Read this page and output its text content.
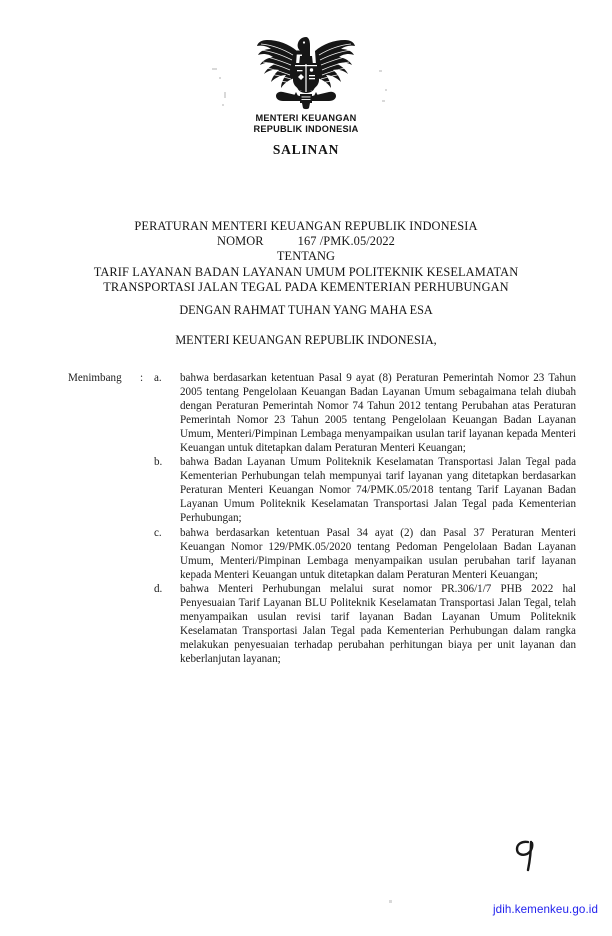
MENTERI KEUANGAN
REPUBLIK INDONESIA
SALINAN
PERATURAN MENTERI KEUANGAN REPUBLIK INDONESIA
NOMOR	167 /PMK.05/2022
TENTANG
TARIF LAYANAN BADAN LAYANAN UMUM POLITEKNIK KESELAMATAN
TRANSPORTASI JALAN TEGAL PADA KEMENTERIAN PERHUBUNGAN
DENGAN RAHMAT TUHAN YANG MAHA ESA
MENTERI KEUANGAN REPUBLIK INDONESIA,
Menimbang	: a.	bahwa berdasarkan ketentuan Pasal 9 ayat (8) Peraturan Pemerintah Nomor 23 Tahun 2005 tentang Pengelolaan Keuangan Badan Layanan Umum sebagaimana telah diubah dengan Peraturan Pemerintah Nomor 74 Tahun 2012 tentang Perubahan atas Peraturan Pemerintah Nomor 23 Tahun 2005 tentang Pengelolaan Keuangan Badan Layanan Umum, Menteri/Pimpinan Lembaga menyampaikan usulan tarif layanan kepada Menteri Keuangan untuk ditetapkan dalam Peraturan Menteri Keuangan;
b.	bahwa Badan Layanan Umum Politeknik Keselamatan Transportasi Jalan Tegal pada Kementerian Perhubungan telah mempunyai tarif layanan yang ditetapkan berdasarkan Peraturan Menteri Keuangan Nomor 74/PMK.05/2018 tentang Tarif Layanan Badan Layanan Umum Politeknik Keselamatan Transportasi Jalan Tegal pada Kementerian Perhubungan;
c.	bahwa berdasarkan ketentuan Pasal 34 ayat (2) dan Pasal 37 Peraturan Menteri Keuangan Nomor 129/PMK.05/2020 tentang Pedoman Pengelolaan Badan Layanan Umum, Menteri/Pimpinan Lembaga menyampaikan usulan perubahan tarif layanan kepada Menteri Keuangan untuk ditetapkan dalam Peraturan Menteri Keuangan;
d.	bahwa Menteri Perhubungan melalui surat nomor PR.306/1/7 PHB 2022 hal Penyesuaian Tarif Layanan BLU Politeknik Keselamatan Transportasi Jalan Tegal, telah menyampaikan usulan revisi tarif layanan Badan Layanan Umum Politeknik Keselamatan Transportasi Jalan Tegal pada Kementerian Perhubungan dalam rangka melakukan penyesuaian terhadap perubahan perhitungan biaya per unit layanan dan keberlanjutan layanan;
jdih.kemenkeu.go.id
